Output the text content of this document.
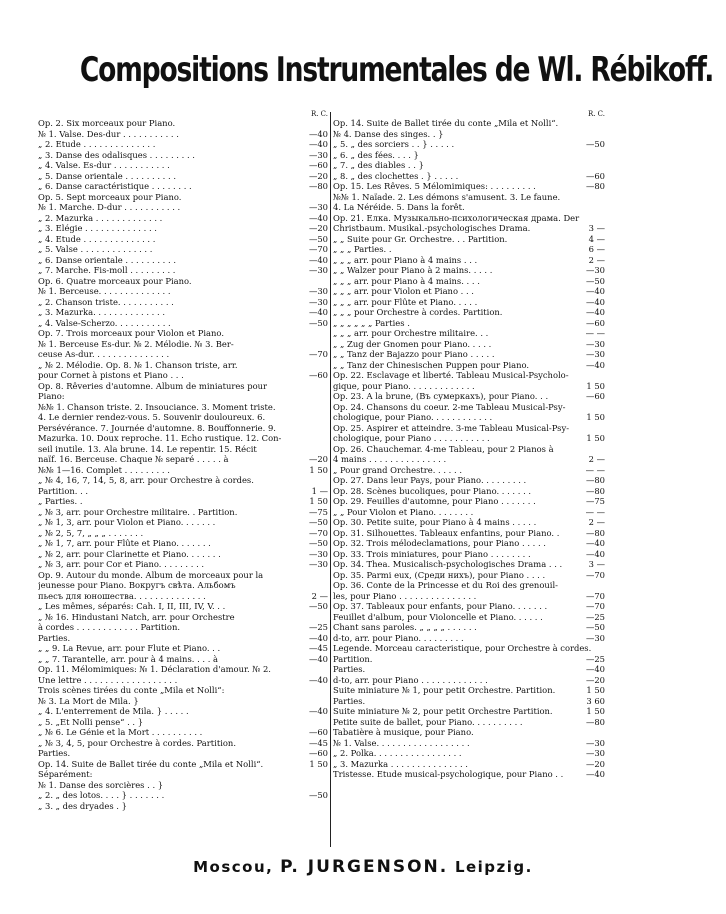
Compositions Instrumentales de Wl. Rébikoff.
R. C.
Op. 2. Six morceaux pour Piano.
№ 1. Valse. Des-dur . . . . . . . . . . .	—40
„ 2. Etude . . . . . . . . . . . . . .	—40
„ 3. Danse des odalisques . . . . . . . . .	—30
„ 4. Valse. Es-dur . . . . . . . . . . .	—60
„ 5. Danse orientale . . . . . . . . . .	—20
„ 6. Danse caractéristique . . . . . . . .	—80
Op. 5. Sept morceaux pour Piano.
№ 1. Marche. D-dur . . . . . . . . . . .	—30
„ 2. Mazurka . . . . . . . . . . . . .	—40
„ 3. Elégie . . . . . . . . . . . . . .	—20
„ 4. Etude . . . . . . . . . . . . . .	—50
„ 5. Valse . . . . . . . . . . . . . .	—70
„ 6. Danse orientale . . . . . . . . . .	—40
„ 7. Marche. Fis-moll . . . . . . . . .	—30
Op. 6. Quatre morceaux pour Piano.
№ 1. Berceuse. . . . . . . . . . . . . .	—30
„ 2. Chanson triste. . . . . . . . . . .	—30
„ 3. Mazurka. . . . . . . . . . . . . .	—40
„ 4. Valse-Scherzo. . . . . . . . . . .	—50
Op. 7. Trois morceaux pour Violon et Piano.
№ 1. Berceuse Es-dur. № 2. Mélodie. № 3. Ber-
ceuse As-dur. . . . . . . . . . . . . . .	—70
„ № 2. Mélodie. Op. 8. № 1. Chanson triste, arr.
pour Cornet à pistons et Piano . . .	—60
Op. 8. Rêveries d'automne. Album de miniatures pour
Piano:
№№ 1. Chanson triste. 2. Insouciance. 3. Moment triste.
4. Le dernier rendez-vous. 5. Souvenir douloureux. 6.
Persévérance. 7. Journée d'automne. 8. Bouffonnerie. 9.
Mazurka. 10. Doux reproche. 11. Echo rustique. 12. Con-
seil inutile. 13. Ala brune. 14. Le repentir. 15. Récit
naïf. 16. Berceuse. Chaque № separé . . . . . à	—20
№№ 1—16. Complet . . . . . . . . .	1 50
„ № 4, 16, 7, 14, 5, 8, arr. pour Orchestre à cordes.
Partition. . .	1 —
„ Parties. .	1 50
„ № 3, arr. pour Orchestre militaire. . Partition.	—75
„ № 1, 3, arr. pour Violon et Piano. . . . . . .	—50
„ № 2, 5, 7, „ „ „ . . . . . . .	—70
„ № 1, 7, arr. pour Flûte et Piano. . . . . . .	—50
„ № 2, arr. pour Clarinette et Piano. . . . . . .	—30
„ № 3, arr. pour Cor et Piano. . . . . . . . .	—30
Op. 9. Autour du monde. Album de morceaux pour la
jeunesse pour Piano. Вокругъ свѣта. Альбомъ
пьесъ для юношества. . . . . . . . . . . . . .	2 —
„ Les mêmes, séparés: Cah. I, II, III, IV, V. . .	—50
„ № 16. Hindustani Natch, arr. pour Orchestre
à cordes . . . . . . . . . . . . Partition.	—25
Parties.	—40
„ „ 9. La Revue, arr. pour Flute et Piano. . .	—45
„ „ 7. Tarantelle, arr. pour à 4 mains. . . . à	—40
Op. 11. Mélomimiques: № 1. Déclaration d'amour. № 2.
Une lettre . . . . . . . . . . . . . . . . . .	—40
Trois scènes tirées du conte „Mila et Nolli“:
№ 3. La Mort de Mila. }
„ 4. L'enterrement de Mila. } . . . . .	—40
„ 5. „Et Nolli pense“ . . }
„ № 6. Le Génie et la Mort . . . . . . . . . .	—60
„ № 3, 4, 5, pour Orchestre à cordes. Partition.	—45
Parties.	—60
Op. 14. Suite de Ballet tirée du conte „Mila et Nolli“.	1 50
Séparément:
№ 1. Danse des sorcières . . }
„ 2. „ des lotos. . . . } . . . . . . .	—50
„ 3. „ des dryades . }
R. C.
Op. 14. Suite de Ballet tirée du conte „Mila et Nolli“.
№ 4. Danse des singes. . }
„ 5. „ des sorciers . . } . . . . .	—50
„ 6. „ des fées. . . . }
„ 7. „ des diables . . }
„ 8. „ des clochettes . } . . . . .	—60
Op. 15. Les Rêves. 5 Mélomimiques: . . . . . . . . .	—80
№№ 1. Naïade. 2. Les démons s'amusent. 3. Le faune.
4. La Néréide. 5. Dans la forêt.
Op. 21. Елка. Музыкально-психологическая драма. Der
Christbaum. Musikal.-psychologisches Drama.	3 —
„ „ Suite pour Gr. Orchestre. . . Partition.	4 —
„ „ „ Parties. .	6 —
„ „ „ arr. pour Piano à 4 mains . . .	2 —
„ „ Walzer pour Piano à 2 mains. . . . .	—30
„ „ „ arr. pour Piano à 4 mains. . . .	—50
„ „ „ arr. pour Violon et Piano . . .	—40
„ „ „ arr. pour Flûte et Piano. . . . .	—40
„ „ „ pour Orchestre à cordes. Partition.	—40
„ „ „ „ „ „ Parties .	—60
„ „ „ arr. pour Orchestre militaire. . .	— —
„ „ Zug der Gnomen pour Piano. . . . .	—30
„ „ Tanz der Bajazzo pour Piano . . . . .	—30
„ „ Tanz der Chinesischen Puppen pour Piano.	—40
Op. 22. Esclavage et liberté. Tableau Musical-Psycholo-
gique, pour Piano. . . . . . . . . . . . .	1 50
Op. 23. A la brune, (Въ сумеркахъ), pour Piano. . .	—60
Op. 24. Chansons du coeur. 2-me Tableau Musical-Psy-
chologique, pour Piano. . . . . . . . . . . .	1 50
Op. 25. Aspirer et atteindre. 3-me Tableau Musical-Psy-
chologique, pour Piano . . . . . . . . . . .	1 50
Op. 26. Chauchemar. 4-me Tableau, pour 2 Pianos à
4 mains . . . . . . . . . . . . . . .	2 —
„ Pour grand Orchestre. . . . . .	— —
Op. 27. Dans leur Pays, pour Piano. . . . . . . . .	—80
Op. 28. Scènes bucoliques, pour Piano. . . . . . .	—80
Op. 29. Feuilles d'automne, pour Piano . . . . . . .	—75
„ „ Pour Violon et Piano. . . . . . . .	— —
Op. 30. Petite suite, pour Piano à 4 mains . . . . .	2 —
Op. 31. Silhouettes. Tableaux enfantins, pour Piano. .	—80
Op. 32. Trois mélodeclamations, pour Piano . . . . .	—40
Op. 33. Trois miniatures, pour Piano . . . . . . . .	—40
Op. 34. Thea. Musicalisch-psychologisches Drama . . .	3 —
Op. 35. Parmi eux, (Среди нихъ), pour Piano . . . .	—70
Op. 36. Conte de la Princesse et du Roi des grenouil-
les, pour Piano . . . . . . . . . . . . . . .	—70
Op. 37. Tableaux pour enfants, pour Piano. . . . . . .	—70
Feuillet d'album, pour Violoncelle et Piano. . . . . .	—25
Chant sans paroles. „ „ „ „ . . . . . .	—50
d-to, arr. pour Piano. . . . . . . . .	—30
Legende. Morceau caracteristique, pour Orchestre à cordes.
Partition.	—25
Parties.	—40
d-to, arr. pour Piano . . . . . . . . . . . . .	—20
Suite miniature № 1, pour petit Orchestre. Partition.	1 50
Parties.	3 60
Suite miniature № 2, pour petit Orchestre Partition.	1 50
Petite suite de ballet, pour Piano. . . . . . . . . .	—80
Tabatière à musique, pour Piano.
№ 1. Valse. . . . . . . . . . . . . . . . . .	—30
„ 2. Polka. . . . . . . . . . . . . . . . .	—30
„ 3. Mazurka . . . . . . . . . . . . . . .	—20
Tristesse. Etude musical-psychologique, pour Piano . .	—40
Moscou, P. JURGENSON. Leipzig.
